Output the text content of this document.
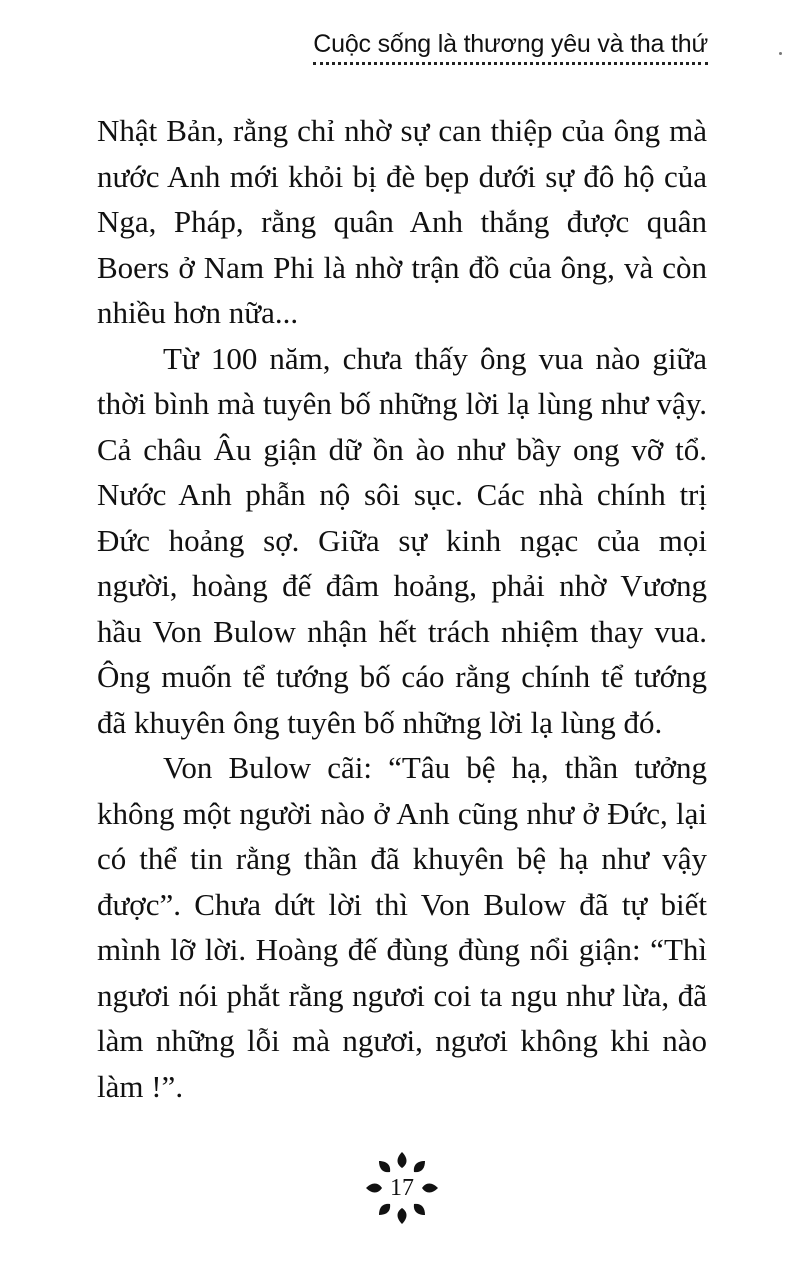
Cuộc sống là thương yêu và tha thứ

Nhật Bản, rằng chỉ nhờ sự can thiệp của ông mà nước Anh mới khỏi bị đè bẹp dưới sự đô hộ của Nga, Pháp, rằng quân Anh thắng được quân Boers ở Nam Phi là nhờ trận đồ của ông, và còn nhiều hơn nữa...

Từ 100 năm, chưa thấy ông vua nào giữa thời bình mà tuyên bố những lời lạ lùng như vậy. Cả châu Âu giận dữ ồn ào như bầy ong vỡ tổ. Nước Anh phẫn nộ sôi sục. Các nhà chính trị Đức hoảng sợ. Giữa sự kinh ngạc của mọi người, hoàng đế đâm hoảng, phải nhờ Vương hầu Von Bulow nhận hết trách nhiệm thay vua. Ông muốn tể tướng bố cáo rằng chính tể tướng đã khuyên ông tuyên bố những lời lạ lùng đó.

Von Bulow cãi: “Tâu bệ hạ, thần tưởng không một người nào ở Anh cũng như ở Đức, lại có thể tin rằng thần đã khuyên bệ hạ như vậy được”. Chưa dứt lời thì Von Bulow đã tự biết mình lỡ lời. Hoàng đế đùng đùng nổi giận: “Thì ngươi nói phắt rằng ngươi coi ta ngu như lừa, đã làm những lỗi mà ngươi, ngươi không khi nào làm !”.

17
